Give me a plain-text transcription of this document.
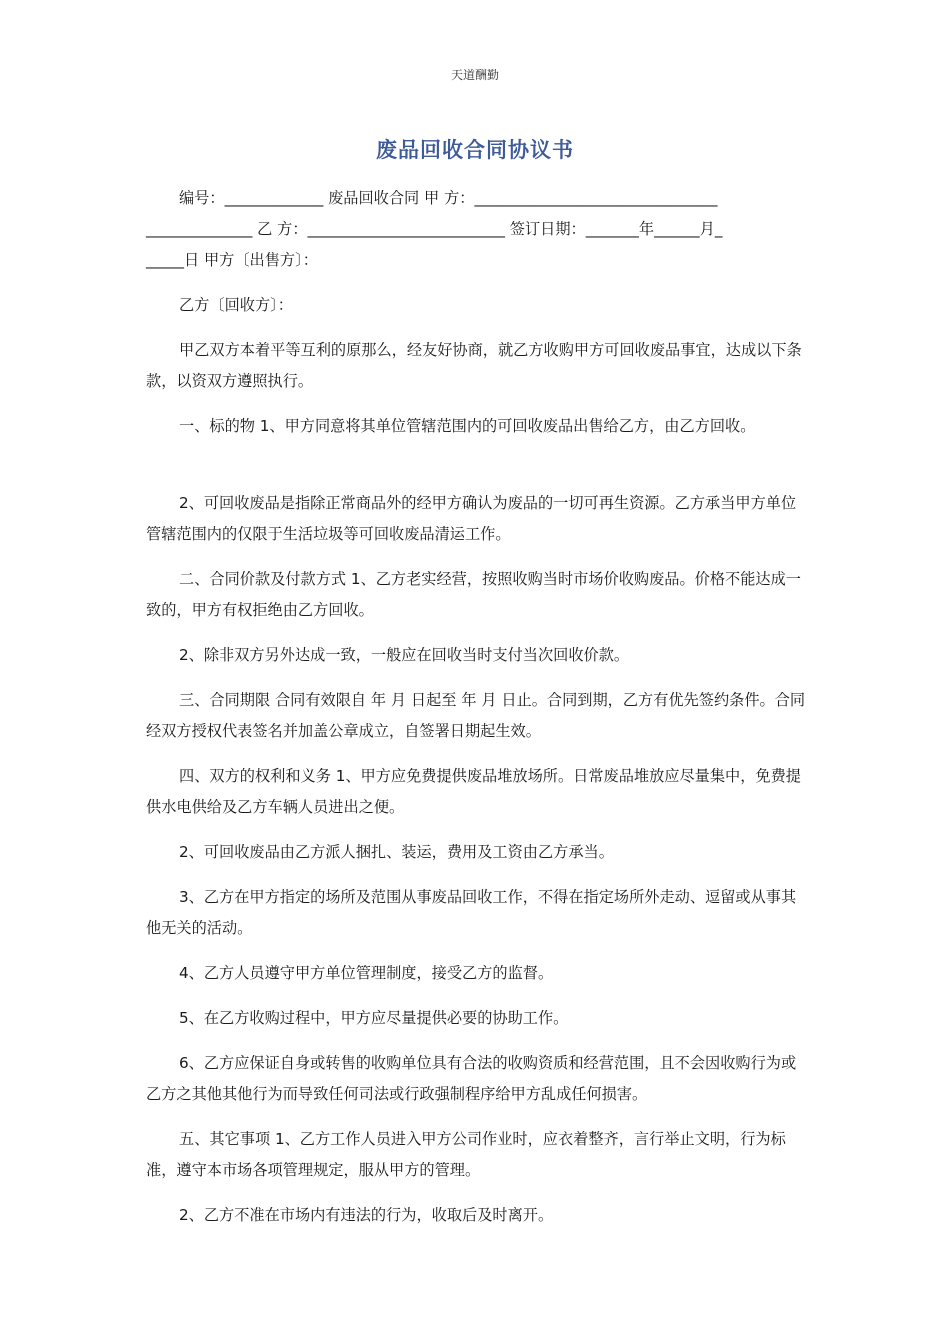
天道酬勤
废品回收合同协议书

编号：_____________ 废品回收合同 甲 方：________________________________

______________ 乙 方：__________________________ 签订日期：_______年______月_

_____日 甲方〔出售方〕：

乙方〔回收方〕：

甲乙双方本着平等互利的原那么，经友好协商，就乙方收购甲方可回收废品事宜，达成以下条款，以资双方遵照执行。

一、标的物 1、甲方同意将其单位管辖范围内的可回收废品出售给乙方，由乙方回收。

2、可回收废品是指除正常商品外的经甲方确认为废品的一切可再生资源。乙方承当甲方单位管辖范围内的仅限于生活垃圾等可回收废品清运工作。

二、合同价款及付款方式 1、乙方老实经营，按照收购当时市场价收购废品。价格不能达成一致的，甲方有权拒绝由乙方回收。

2、除非双方另外达成一致，一般应在回收当时支付当次回收价款。

三、合同期限 合同有效限自 年 月 日起至 年 月 日止。合同到期，乙方有优先签约条件。合同经双方授权代表签名并加盖公章成立，自签署日期起生效。

四、双方的权利和义务 1、甲方应免费提供废品堆放场所。日常废品堆放应尽量集中，免费提供水电供给及乙方车辆人员进出之便。

2、可回收废品由乙方派人捆扎、装运，费用及工资由乙方承当。

3、乙方在甲方指定的场所及范围从事废品回收工作，不得在指定场所外走动、逗留或从事其他无关的活动。

4、乙方人员遵守甲方单位管理制度，接受乙方的监督。

5、在乙方收购过程中，甲方应尽量提供必要的协助工作。

6、乙方应保证自身或转售的收购单位具有合法的收购资质和经营范围，且不会因收购行为或乙方之其他其他行为而导致任何司法或行政强制程序给甲方乱成任何损害。

五、其它事项 1、乙方工作人员进入甲方公司作业时，应衣着整齐，言行举止文明，行为标准，遵守本市场各项管理规定，服从甲方的管理。

2、乙方不准在市场内有违法的行为，收取后及时离开。
